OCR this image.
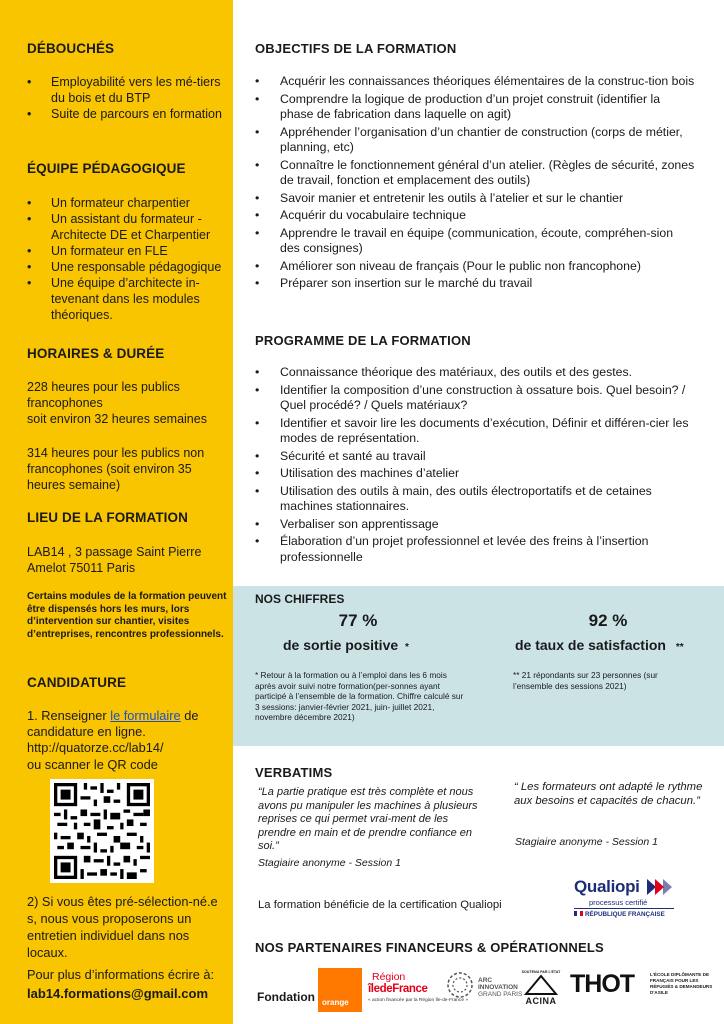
DÉBOUCHÉS
• Employabilité vers les mé-tiers du bois et du BTP
• Suite de parcours en formation
ÉQUIPE PÉDAGOGIQUE
• Un formateur charpentier
• Un assistant du formateur - Architecte DE et Charpentier
• Un formateur en FLE
• Une responsable pédagogique
• Une équipe d’architecte in-tevenant dans les modules théoriques.
HORAIRES & DURÉE
228 heures pour les publics francophones
soit environ 32 heures semaines
314 heures pour les publics non francophones (soit environ 35 heures semaine)
LIEU DE LA FORMATION
LAB14 , 3 passage Saint Pierre Amelot 75011 Paris
Certains modules de la formation peuvent être dispensés hors les murs, lors d’intervention sur chantier, visites d’entreprises, rencontres professionnels.
CANDIDATURE
1. Renseigner le formulaire de candidature en ligne.
http://quatorze.cc/lab14/
ou scanner le QR code
2) Si vous êtes pré-sélection-né.e s, nous vous proposerons un entretien individuel dans nos locaux.
Pour plus d’informations écrire à:
lab14.formations@gmail.com
OBJECTIFS DE LA FORMATION
• Acquérir les connaissances théoriques élémentaires de la construc-tion bois
• Comprendre la logique de production d’un projet construit (identifier la phase de fabrication dans laquelle on agit)
• Appréhender l’organisation d’un chantier de construction (corps de métier, planning, etc)
• Connaître le fonctionnement général d’un atelier. (Règles de sécurité, zones de travail, fonction et emplacement des outils)
• Savoir manier et entretenir les outils à l’atelier et sur le chantier
• Acquérir du vocabulaire technique
• Apprendre le travail en équipe (communication, écoute, compréhen-sion des consignes)
• Améliorer son niveau de français (Pour le public non francophone)
• Préparer son insertion sur le marché du travail
PROGRAMME DE LA FORMATION
• Connaissance théorique des matériaux, des outils et des gestes.
• Identifier la composition d’une construction à ossature bois. Quel besoin? / Quel procédé? / Quels matériaux?
• Identifier et savoir lire les documents d’exécution, Définir et différen-cier les modes de représentation.
• Sécurité et santé au travail
• Utilisation des machines d’atelier
• Utilisation des outils à main, des outils électroportatifs et de cetaines machines stationnaires.
• Verbaliser son apprentissage
• Élaboration d’un projet professionnel et levée des freins à l’insertion professionnelle
NOS CHIFFRES
77 %
de sortie positive *
* Retour à la formation ou à l’emploi dans les 6 mois après avoir suivi notre formation(per-sonnes ayant participé à l’ensemble de la formation. Chiffre calculé sur 3 sessions: janvier-février 2021, juin- juillet 2021, novembre décembre 2021)
92 %
de taux de satisfaction **
** 21 répondants sur 23 personnes (sur l’ensemble des sessions 2021)
VERBATIMS
“La partie pratique est très complète et nous avons pu manipuler les machines à plusieurs reprises ce qui permet vrai-ment de les prendre en main et de prendre confiance en soi.”
Stagiaire anonyme - Session 1
“ Les formateurs ont adapté le rythme aux besoins et capacités de chacun.”
Stagiaire anonyme - Session 1
La formation bénéficie de la certification Qualiopi
Qualiopi
processus certifié
RÉPUBLIQUE FRANÇAISE
NOS PARTENAIRES FINANCEURS & OPÉRATIONNELS
Fondation orange
Région
îledeFrance
« action financée par la Région Île-de-France »
ARC
INNOVATION
GRAND PARIS
SOUTENU PAR L'ÉTAT
ACINA
THOT	L'ÉCOLE DIPLÔMANTE DE FRANÇAIS POUR LES RÉFUGIÉS & DEMANDEURS D'ASILE
